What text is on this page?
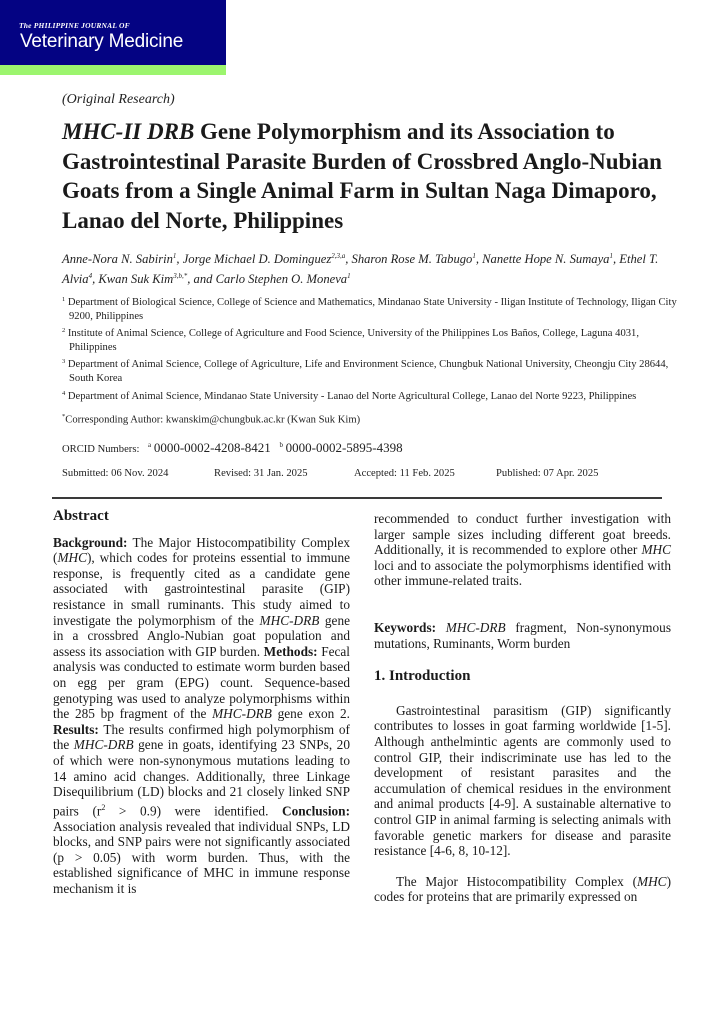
The PHILIPPINE JOURNAL OF
Veterinary Medicine
(Original Research)
MHC-II DRB Gene Polymorphism and its Association to Gastrointestinal Parasite Burden of Crossbred Anglo-Nubian Goats from a Single Animal Farm in Sultan Naga Dimaporo, Lanao del Norte, Philippines
Anne-Nora N. Sabirin$^1$, Jorge Michael D. Dominguez$^{2,3,a}$, Sharon Rose M. Tabugo$^1$, Nanette Hope N. Sumaya$^1$, Ethel T. Alvia$^4$, Kwan Suk Kim$^{3,b,*}$, and Carlo Stephen O. Moneva$^1$
$^1$ Department of Biological Science, College of Science and Mathematics, Mindanao State University - Iligan Institute of Technology, Iligan City 9200, Philippines
$^2$ Institute of Animal Science, College of Agriculture and Food Science, University of the Philippines Los Baños, College, Laguna 4031, Philippines
$^3$ Department of Animal Science, College of Agriculture, Life and Environment Science, Chungbuk National University, Cheongju City 28644, South Korea
$^4$ Department of Animal Science, Mindanao State University - Lanao del Norte Agricultural College, Lanao del Norte 9223, Philippines
*Corresponding Author: kwanskim@chungbuk.ac.kr (Kwan Suk Kim)
ORCID Numbers: $^a$ 0000-0002-4208-8421 $^b$ 0000-0002-5895-4398
Submitted: 06 Nov. 2024	Revised: 31 Jan. 2025	Accepted: 11 Feb. 2025	Published: 07 Apr. 2025
Abstract

Background: The Major Histocompatibility Complex (MHC), which codes for proteins essential to immune response, is frequently cited as a candidate gene associated with gastrointestinal parasite (GIP) resistance in small ruminants. This study aimed to investigate the polymorphism of the MHC-DRB gene in a crossbred Anglo-Nubian goat population and assess its association with GIP burden. Methods: Fecal analysis was conducted to estimate worm burden based on egg per gram (EPG) count. Sequence-based genotyping was used to analyze polymorphisms within the 285 bp fragment of the MHC-DRB gene exon 2. Results: The results confirmed high polymorphism of the MHC-DRB gene in goats, identifying 23 SNPs, 20 of which were non-synonymous mutations leading to 14 amino acid changes. Additionally, three Linkage Disequilibrium (LD) blocks and 21 closely linked SNP pairs $(r^2 > 0.9)$ were identified. Conclusion: Association analysis revealed that individual SNPs, LD blocks, and SNP pairs were not significantly associated (p > 0.05) with worm burden. Thus, with the established significance of MHC in immune response mechanism it is

recommended to conduct further investigation with larger sample sizes including different goat breeds. Additionally, it is recommended to explore other MHC loci and to associate the polymorphisms identified with other immune-related traits.

Keywords: MHC-DRB fragment, Non-synonymous mutations, Ruminants, Worm burden

1. Introduction

Gastrointestinal parasitism (GIP) significantly contributes to losses in goat farming worldwide [1-5]. Although anthelmintic agents are commonly used to control GIP, their indiscriminate use has led to the development of resistant parasites and the accumulation of chemical residues in the environment and animal products [4-9]. A sustainable alternative to control GIP in animal farming is selecting animals with favorable genetic markers for disease and parasite resistance [4-6, 8, 10-12].

The Major Histocompatibility Complex (MHC) codes for proteins that are primarily expressed on
